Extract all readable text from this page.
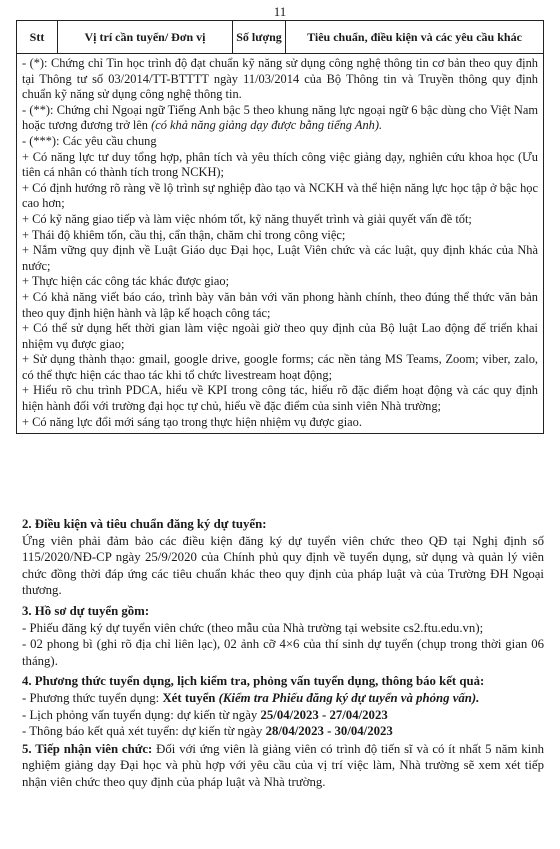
11
Stt	Vị trí cần tuyển/ Đơn vị	Số lượng	Tiêu chuẩn, điều kiện và các yêu cầu khác

- (*): Chứng chỉ Tin học trình độ đạt chuẩn kỹ năng sử dụng công nghệ thông tin cơ bản theo quy định tại Thông tư số 03/2014/TT-BTTTT ngày 11/03/2014 của Bộ Thông tin và Truyền thông quy định chuẩn kỹ năng sử dụng công nghệ thông tin.

- (**): Chứng chỉ Ngoại ngữ Tiếng Anh bậc 5 theo khung năng lực ngoại ngữ 6 bậc dùng cho Việt Nam hoặc tương đương trở lên (có khả năng giảng dạy được bằng tiếng Anh).

- (***): Các yêu cầu chung

+ Có năng lực tư duy tổng hợp, phân tích và yêu thích công việc giảng dạy, nghiên cứu khoa học (Ưu tiên cá nhân có thành tích trong NCKH);

+ Có định hướng rõ ràng về lộ trình sự nghiệp đào tạo và NCKH và thể hiện năng lực học tập ở bậc học cao hơn;

+ Có kỹ năng giao tiếp và làm việc nhóm tốt, kỹ năng thuyết trình và giải quyết vấn đề tốt;

+ Thái độ khiêm tốn, cầu thị, cẩn thận, chăm chỉ trong công việc;

+ Nắm vững quy định về Luật Giáo dục Đại học, Luật Viên chức và các luật, quy định khác của Nhà nước;

+ Thực hiện các công tác khác được giao;

+ Có khả năng viết báo cáo, trình bày văn bản với văn phong hành chính, theo đúng thể thức văn bản theo quy định hiện hành và lập kế hoạch công tác;

+ Có thể sử dụng hết thời gian làm việc ngoài giờ theo quy định của Bộ luật Lao động để triển khai nhiệm vụ được giao;

+ Sử dụng thành thạo: gmail, google drive, google forms; các nền tảng MS Teams, Zoom; viber, zalo, có thể thực hiện các thao tác khi tổ chức livestream hoạt động;

+ Hiểu rõ chu trình PDCA, hiểu về KPI trong công tác, hiểu rõ đặc điểm hoạt động và các quy định hiện hành đối với trường đại học tự chủ, hiểu về đặc điểm của sinh viên Nhà trường;

+ Có năng lực đổi mới sáng tạo trong thực hiện nhiệm vụ được giao.

2. Điều kiện và tiêu chuẩn đăng ký dự tuyển:

Ứng viên phải đảm bảo các điều kiện đăng ký dự tuyển viên chức theo QĐ tại Nghị định số 115/2020/NĐ-CP ngày 25/9/2020 của Chính phủ quy định về tuyển dụng, sử dụng và quản lý viên chức đồng thời đáp ứng các tiêu chuẩn khác theo quy định của pháp luật và của Trường ĐH Ngoại thương.

3. Hồ sơ dự tuyển gồm:

- Phiếu đăng ký dự tuyển viên chức (theo mẫu của Nhà trường tại website cs2.ftu.edu.vn);

- 02 phong bì (ghi rõ địa chỉ liên lạc), 02 ảnh cỡ 4×6 của thí sinh dự tuyển (chụp trong thời gian 06 tháng).

4. Phương thức tuyển dụng, lịch kiểm tra, phỏng vấn tuyển dụng, thông báo kết quả:

- Phương thức tuyển dụng: Xét tuyển (Kiểm tra Phiếu đăng ký dự tuyển và phỏng vấn).

- Lịch phỏng vấn tuyển dụng: dự kiến từ ngày 25/04/2023 - 27/04/2023

- Thông báo kết quả xét tuyển: dự kiến từ ngày 28/04/2023 - 30/04/2023

5. Tiếp nhận viên chức: Đối với ứng viên là giảng viên có trình độ tiến sĩ và có ít nhất 5 năm kinh nghiệm giảng dạy Đại học và phù hợp với yêu cầu của vị trí việc làm, Nhà trường sẽ xem xét tiếp nhận viên chức theo quy định của pháp luật và Nhà trường.
